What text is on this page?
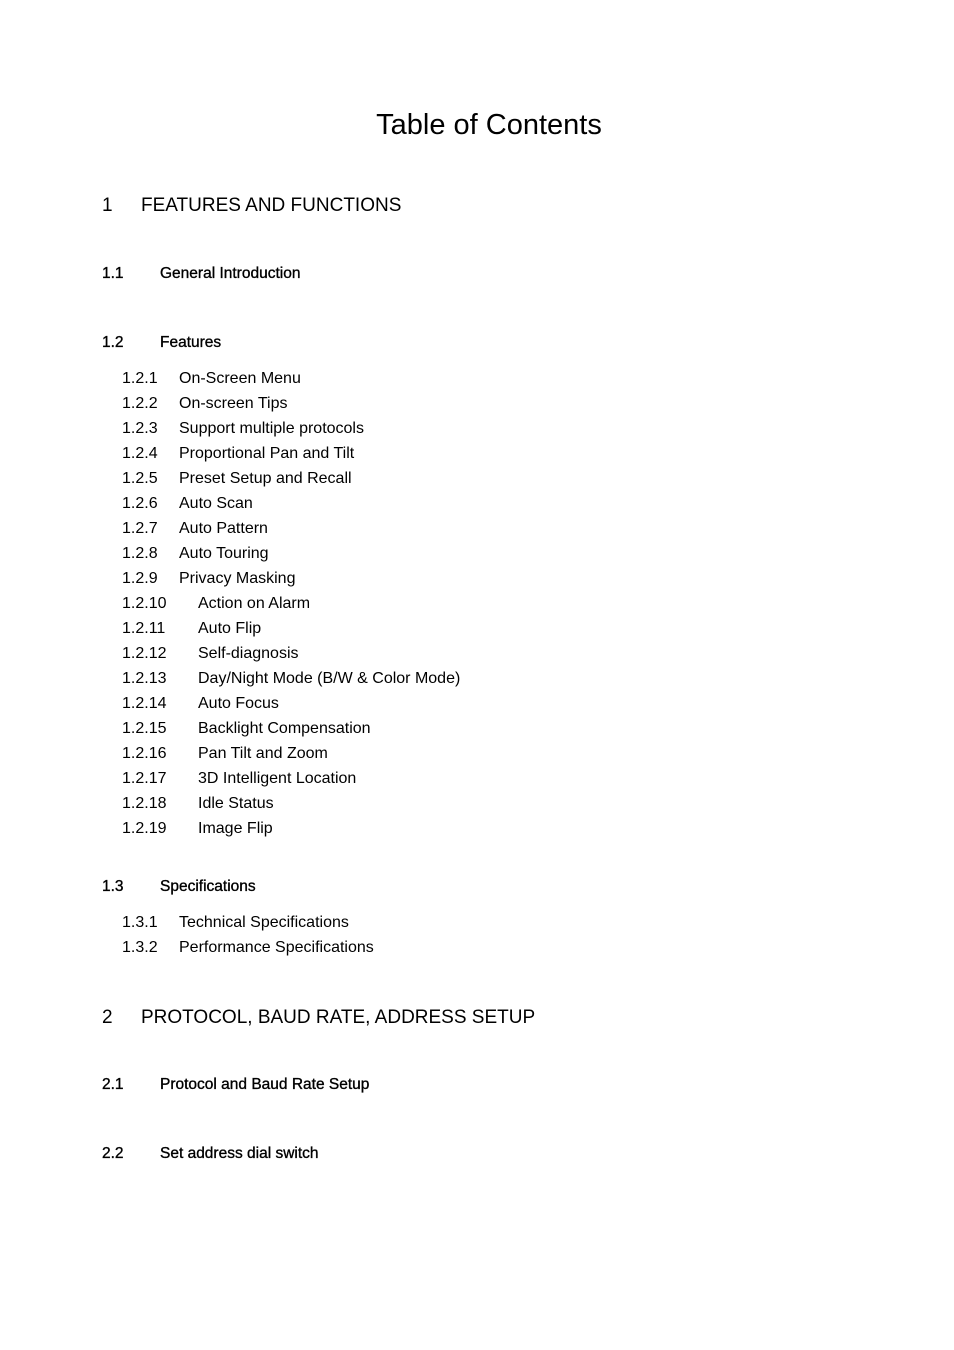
Table of Contents
1 FEATURES AND FUNCTIONS
1.1 General Introduction
1.2 Features
1.2.1 On-Screen Menu
1.2.2 On-screen Tips
1.2.3 Support multiple protocols
1.2.4 Proportional Pan and Tilt
1.2.5 Preset Setup and Recall
1.2.6 Auto Scan
1.2.7 Auto Pattern
1.2.8 Auto Touring
1.2.9 Privacy Masking
1.2.10 Action on Alarm
1.2.11 Auto Flip
1.2.12 Self-diagnosis
1.2.13 Day/Night Mode (B/W & Color Mode)
1.2.14 Auto Focus
1.2.15 Backlight Compensation
1.2.16 Pan Tilt and Zoom
1.2.17 3D Intelligent Location
1.2.18 Idle Status
1.2.19 Image Flip
1.3 Specifications
1.3.1 Technical Specifications
1.3.2 Performance Specifications
2 PROTOCOL, BAUD RATE, ADDRESS SETUP
2.1 Protocol and Baud Rate Setup
2.2 Set address dial switch
